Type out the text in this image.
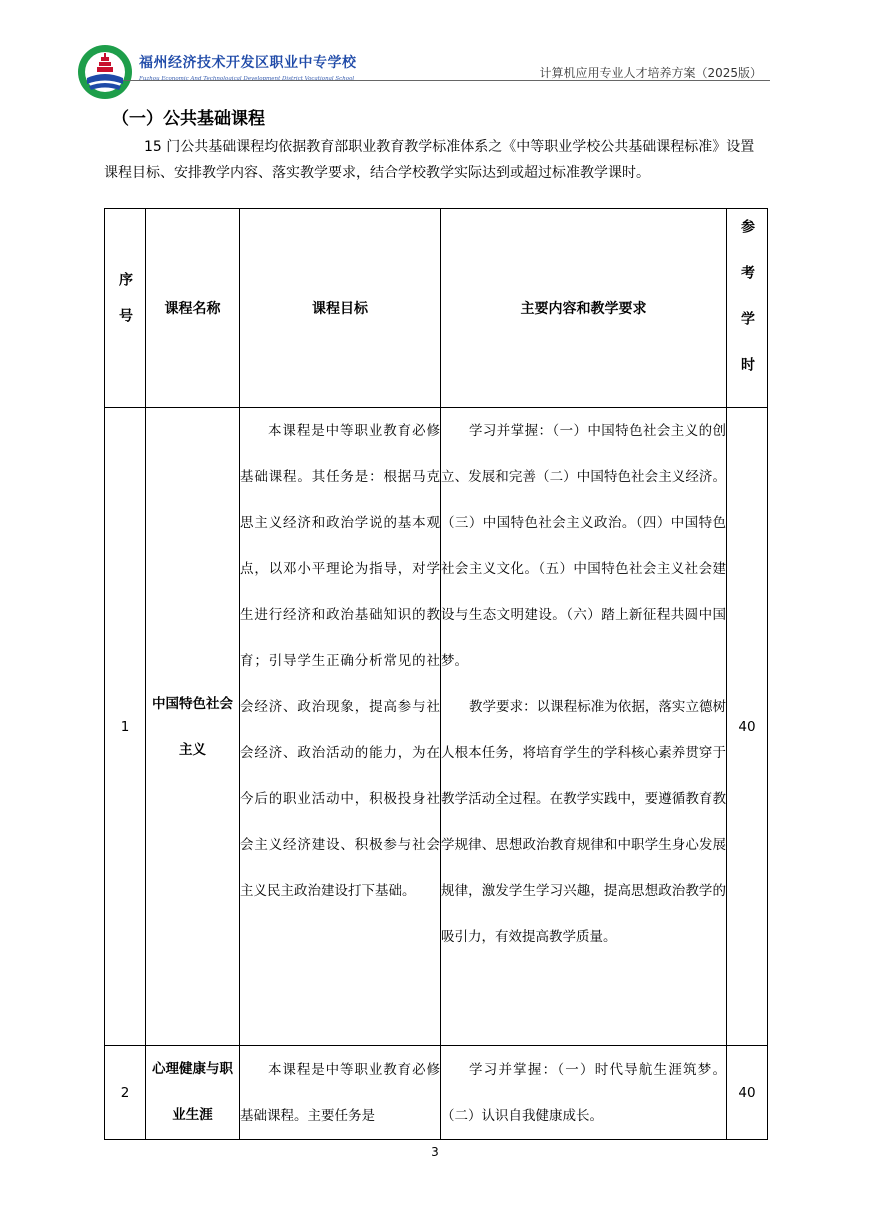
福州经济技术开发区职业中专学校
Fuzhou Economic And Technological Development District Vocational School	计算机应用专业人才培养方案（2025版）
（一）公共基础课程
15 门公共基础课程均依据教育部职业教育教学标准体系之《中等职业学校公共基础课程标准》设置课程目标、安排教学内容、落实教学要求，结合学校教学实际达到或超过标准教学课时。
序号	课程名称	课程目标	主要内容和教学要求	参考学时
1	中国特色社会主义	本课程是中等职业教育必修基础课程。其任务是：根据马克思主义经济和政治学说的基本观点，以邓小平理论为指导，对学生进行经济和政治基础知识的教育；引导学生正确分析常见的社会经济、政治现象，提高参与社会经济、政治活动的能力，为在今后的职业活动中，积极投身社会主义经济建设、积极参与社会主义民主政治建设打下基础。	学习并掌握：（一）中国特色社会主义的创立、发展和完善（二）中国特色社会主义经济。（三）中国特色社会主义政治。（四）中国特色社会主义文化。（五）中国特色社会主义社会建设与生态文明建设。（六）踏上新征程共圆中国梦。

教学要求：以课程标准为依据，落实立德树人根本任务，将培育学生的学科核心素养贯穿于教学活动全过程。在教学实践中，要遵循教育教学规律、思想政治教育规律和中职学生身心发展规律，激发学生学习兴趣，提高思想政治教学的吸引力，有效提高教学质量。	40
2	心理健康与职业生涯	本课程是中等职业教育必修基础课程。主要任务是	学习并掌握：（一）时代导航生涯筑梦。（二）认识自我健康成长。	40
3
